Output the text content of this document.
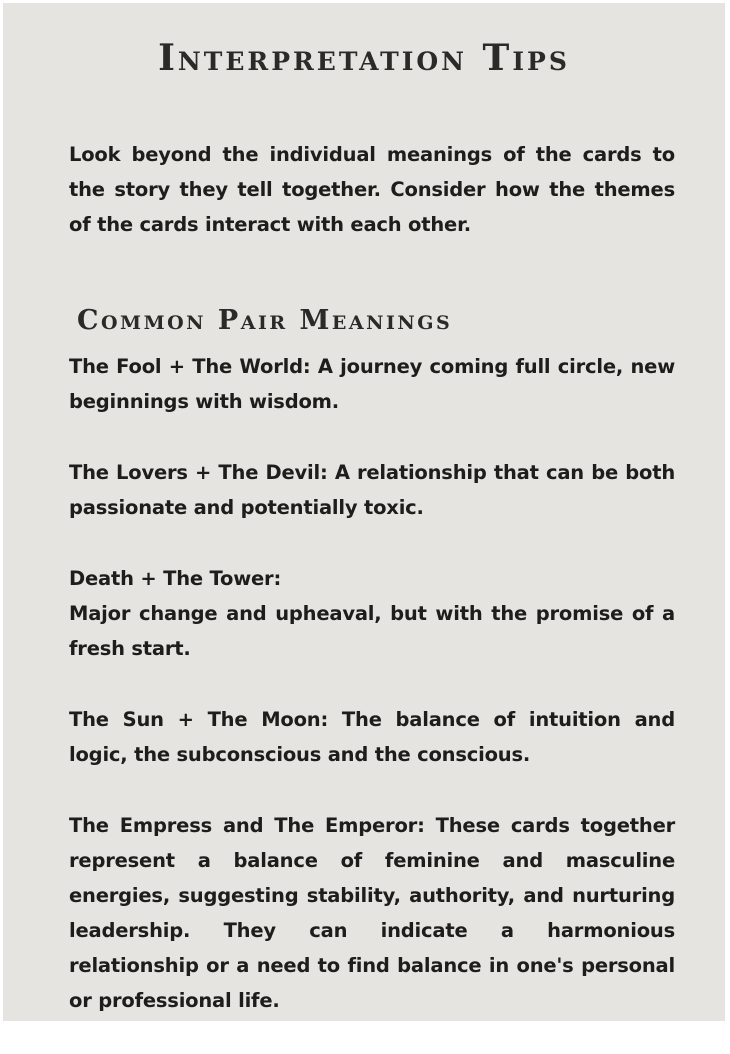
Interpretation Tips

Look beyond the individual meanings of the cards to the story they tell together. Consider how the themes of the cards interact with each other.

Common Pair Meanings

The Fool + The World: A journey coming full circle, new beginnings with wisdom.

The Lovers + The Devil: A relationship that can be both passionate and potentially toxic.

Death + The Tower:
Major change and upheaval, but with the promise of a fresh start.

The Sun + The Moon: The balance of intuition and logic, the subconscious and the conscious.

The Empress and The Emperor: These cards together represent a balance of feminine and masculine energies, suggesting stability, authority, and nurturing leadership. They can indicate a harmonious relationship or a need to find balance in one's personal or professional life.
